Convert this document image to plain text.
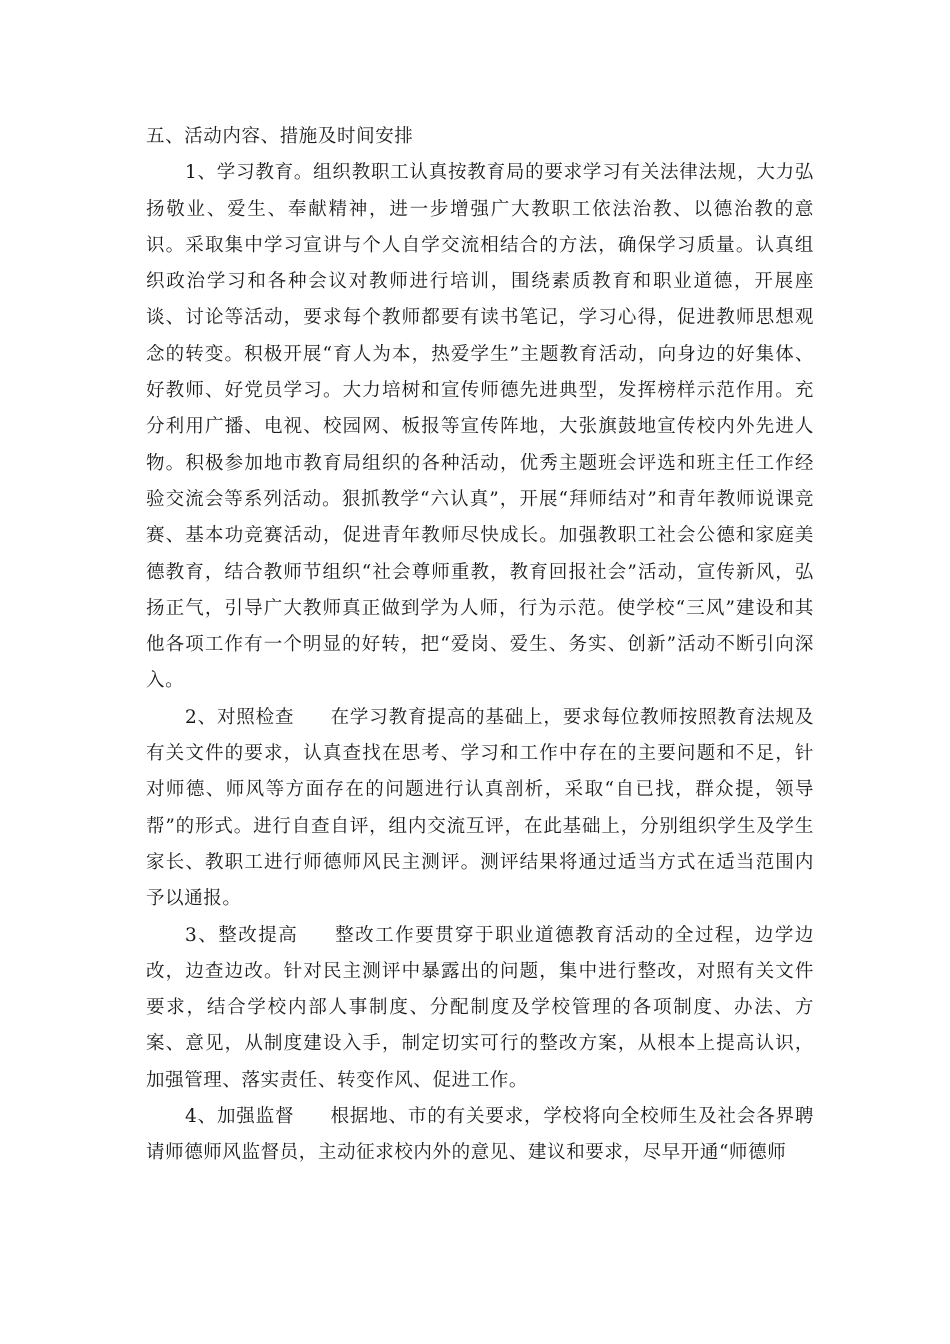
五、活动内容、措施及时间安排

1、学习教育。组织教职工认真按教育局的要求学习有关法律法规，大力弘扬敬业、爱生、奉献精神，进一步增强广大教职工依法治教、以德治教的意识。采取集中学习宣讲与个人自学交流相结合的方法，确保学习质量。认真组织政治学习和各种会议对教师进行培训，围绕素质教育和职业道德，开展座谈、讨论等活动，要求每个教师都要有读书笔记，学习心得，促进教师思想观念的转变。积极开展“育人为本，热爱学生”主题教育活动，向身边的好集体、好教师、好党员学习。大力培树和宣传师德先进典型，发挥榜样示范作用。充分利用广播、电视、校园网、板报等宣传阵地，大张旗鼓地宣传校内外先进人物。积极参加地市教育局组织的各种活动，优秀主题班会评选和班主任工作经验交流会等系列活动。狠抓教学“六认真”，开展“拜师结对”和青年教师说课竞赛、基本功竞赛活动，促进青年教师尽快成长。加强教职工社会公德和家庭美德教育，结合教师节组织“社会尊师重教，教育回报社会”活动，宣传新风，弘扬正气，引导广大教师真正做到学为人师，行为示范。使学校“三风”建设和其他各项工作有一个明显的好转，把“爱岗、爱生、务实、创新”活动不断引向深入。

2、对照检查 在学习教育提高的基础上，要求每位教师按照教育法规及有关文件的要求，认真查找在思考、学习和工作中存在的主要问题和不足，针对师德、师风等方面存在的问题进行认真剖析，采取“自已找，群众提，领导帮”的形式。进行自查自评，组内交流互评，在此基础上，分别组织学生及学生家长、教职工进行师德师风民主测评。测评结果将通过适当方式在适当范围内予以通报。

3、整改提高 整改工作要贯穿于职业道德教育活动的全过程，边学边改，边查边改。针对民主测评中暴露出的问题，集中进行整改，对照有关文件要求，结合学校内部人事制度、分配制度及学校管理的各项制度、办法、方案、意见，从制度建设入手，制定切实可行的整改方案，从根本上提高认识，加强管理、落实责任、转变作风、促进工作。

4、加强监督 根据地、市的有关要求，学校将向全校师生及社会各界聘请师德师风监督员，主动征求校内外的意见、建议和要求，尽早开通“师德师
